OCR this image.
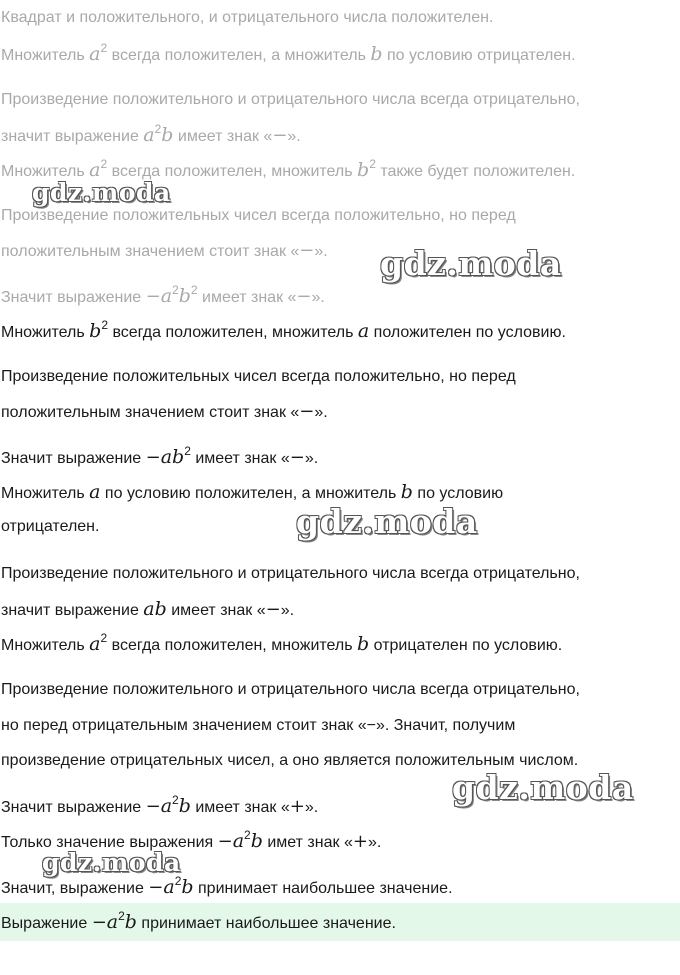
Квадрат и положительного, и отрицательного числа положителен.
Множитель $a^2$ всегда положителен, а множитель b по условию отрицателен.
Произведение положительного и отрицательного числа всегда отрицательно,
значит выражение $a^2b$ имеет знак «−».
Множитель $a^2$ всегда положителен, множитель $b^2$ также будет положителен.
Произведение положительных чисел всегда положительно, но перед
положительным значением стоит знак «−».
Значит выражение $-a^2b^2$ имеет знак «−».
Множитель $b^2$ всегда положителен, множитель a положителен по условию.
Произведение положительных чисел всегда положительно, но перед
положительным значением стоит знак «−».
Значит выражение $-ab^2$ имеет знак «−».
Множитель a по условию положителен, а множитель b по условию
отрицателен.
Произведение положительного и отрицательного числа всегда отрицательно,
значит выражение ab имеет знак «−».
Множитель $a^2$ всегда положителен, множитель b отрицателен по условию.
Произведение положительного и отрицательного числа всегда отрицательно,
но перед отрицательным значением стоит знак «−». Значит, получим
произведение отрицательных чисел, а оно является положительным числом.
Значит выражение $-a^2b$ имеет знак «+».
Только значение выражения $-a^2b$ имет знак «+».
Значит, выражение $-a^2b$ принимает наибольшее значение.
Выражение $-a^2b$ принимает наибольшее значение.
gdz.moda
gdz.moda
gdz.moda
gdz.moda
gdz.moda
